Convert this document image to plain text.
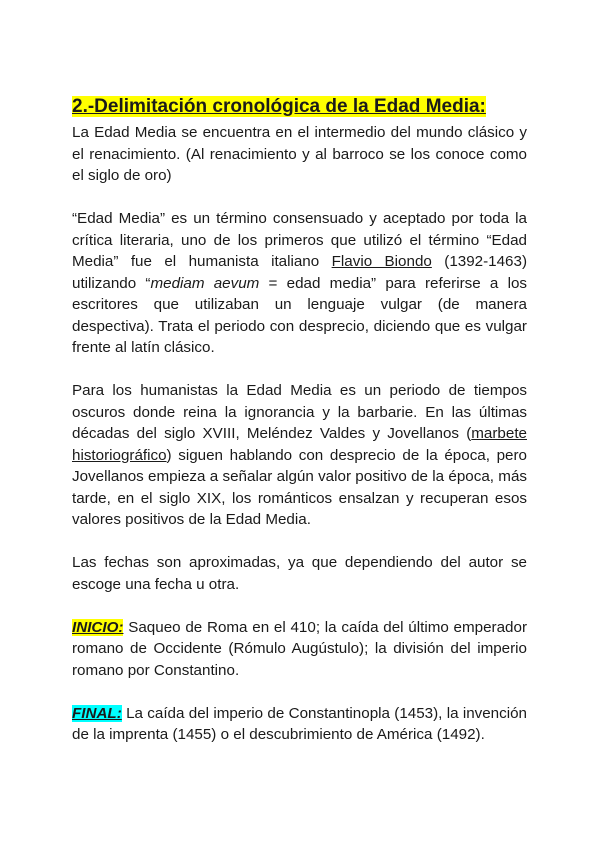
2.-Delimitación cronológica de la Edad Media:

La Edad Media se encuentra en el intermedio del mundo clásico y el renacimiento. (Al renacimiento y al barroco se los conoce como el siglo de oro)

“Edad Media” es un término consensuado y aceptado por toda la crítica literaria, uno de los primeros que utilizó el término “Edad Media” fue el humanista italiano Flavio Biondo (1392-1463) utilizando “mediam aevum = edad media” para referirse a los escritores que utilizaban un lenguaje vulgar (de manera despectiva). Trata el periodo con desprecio, diciendo que es vulgar frente al latín clásico.

Para los humanistas la Edad Media es un periodo de tiempos oscuros donde reina la ignorancia y la barbarie. En las últimas décadas del siglo XVIII, Meléndez Valdes y Jovellanos (marbete historiográfico) siguen hablando con desprecio de la época, pero Jovellanos empieza a señalar algún valor positivo de la época, más tarde, en el siglo XIX, los románticos ensalzan y recuperan esos valores positivos de la Edad Media.

Las fechas son aproximadas, ya que dependiendo del autor se escoge una fecha u otra.

INICIO: Saqueo de Roma en el 410; la caída del último emperador romano de Occidente (Rómulo Augústulo); la división del imperio romano por Constantino.

FINAL: La caída del imperio de Constantinopla (1453), la invención de la imprenta (1455) o el descubrimiento de América (1492).
